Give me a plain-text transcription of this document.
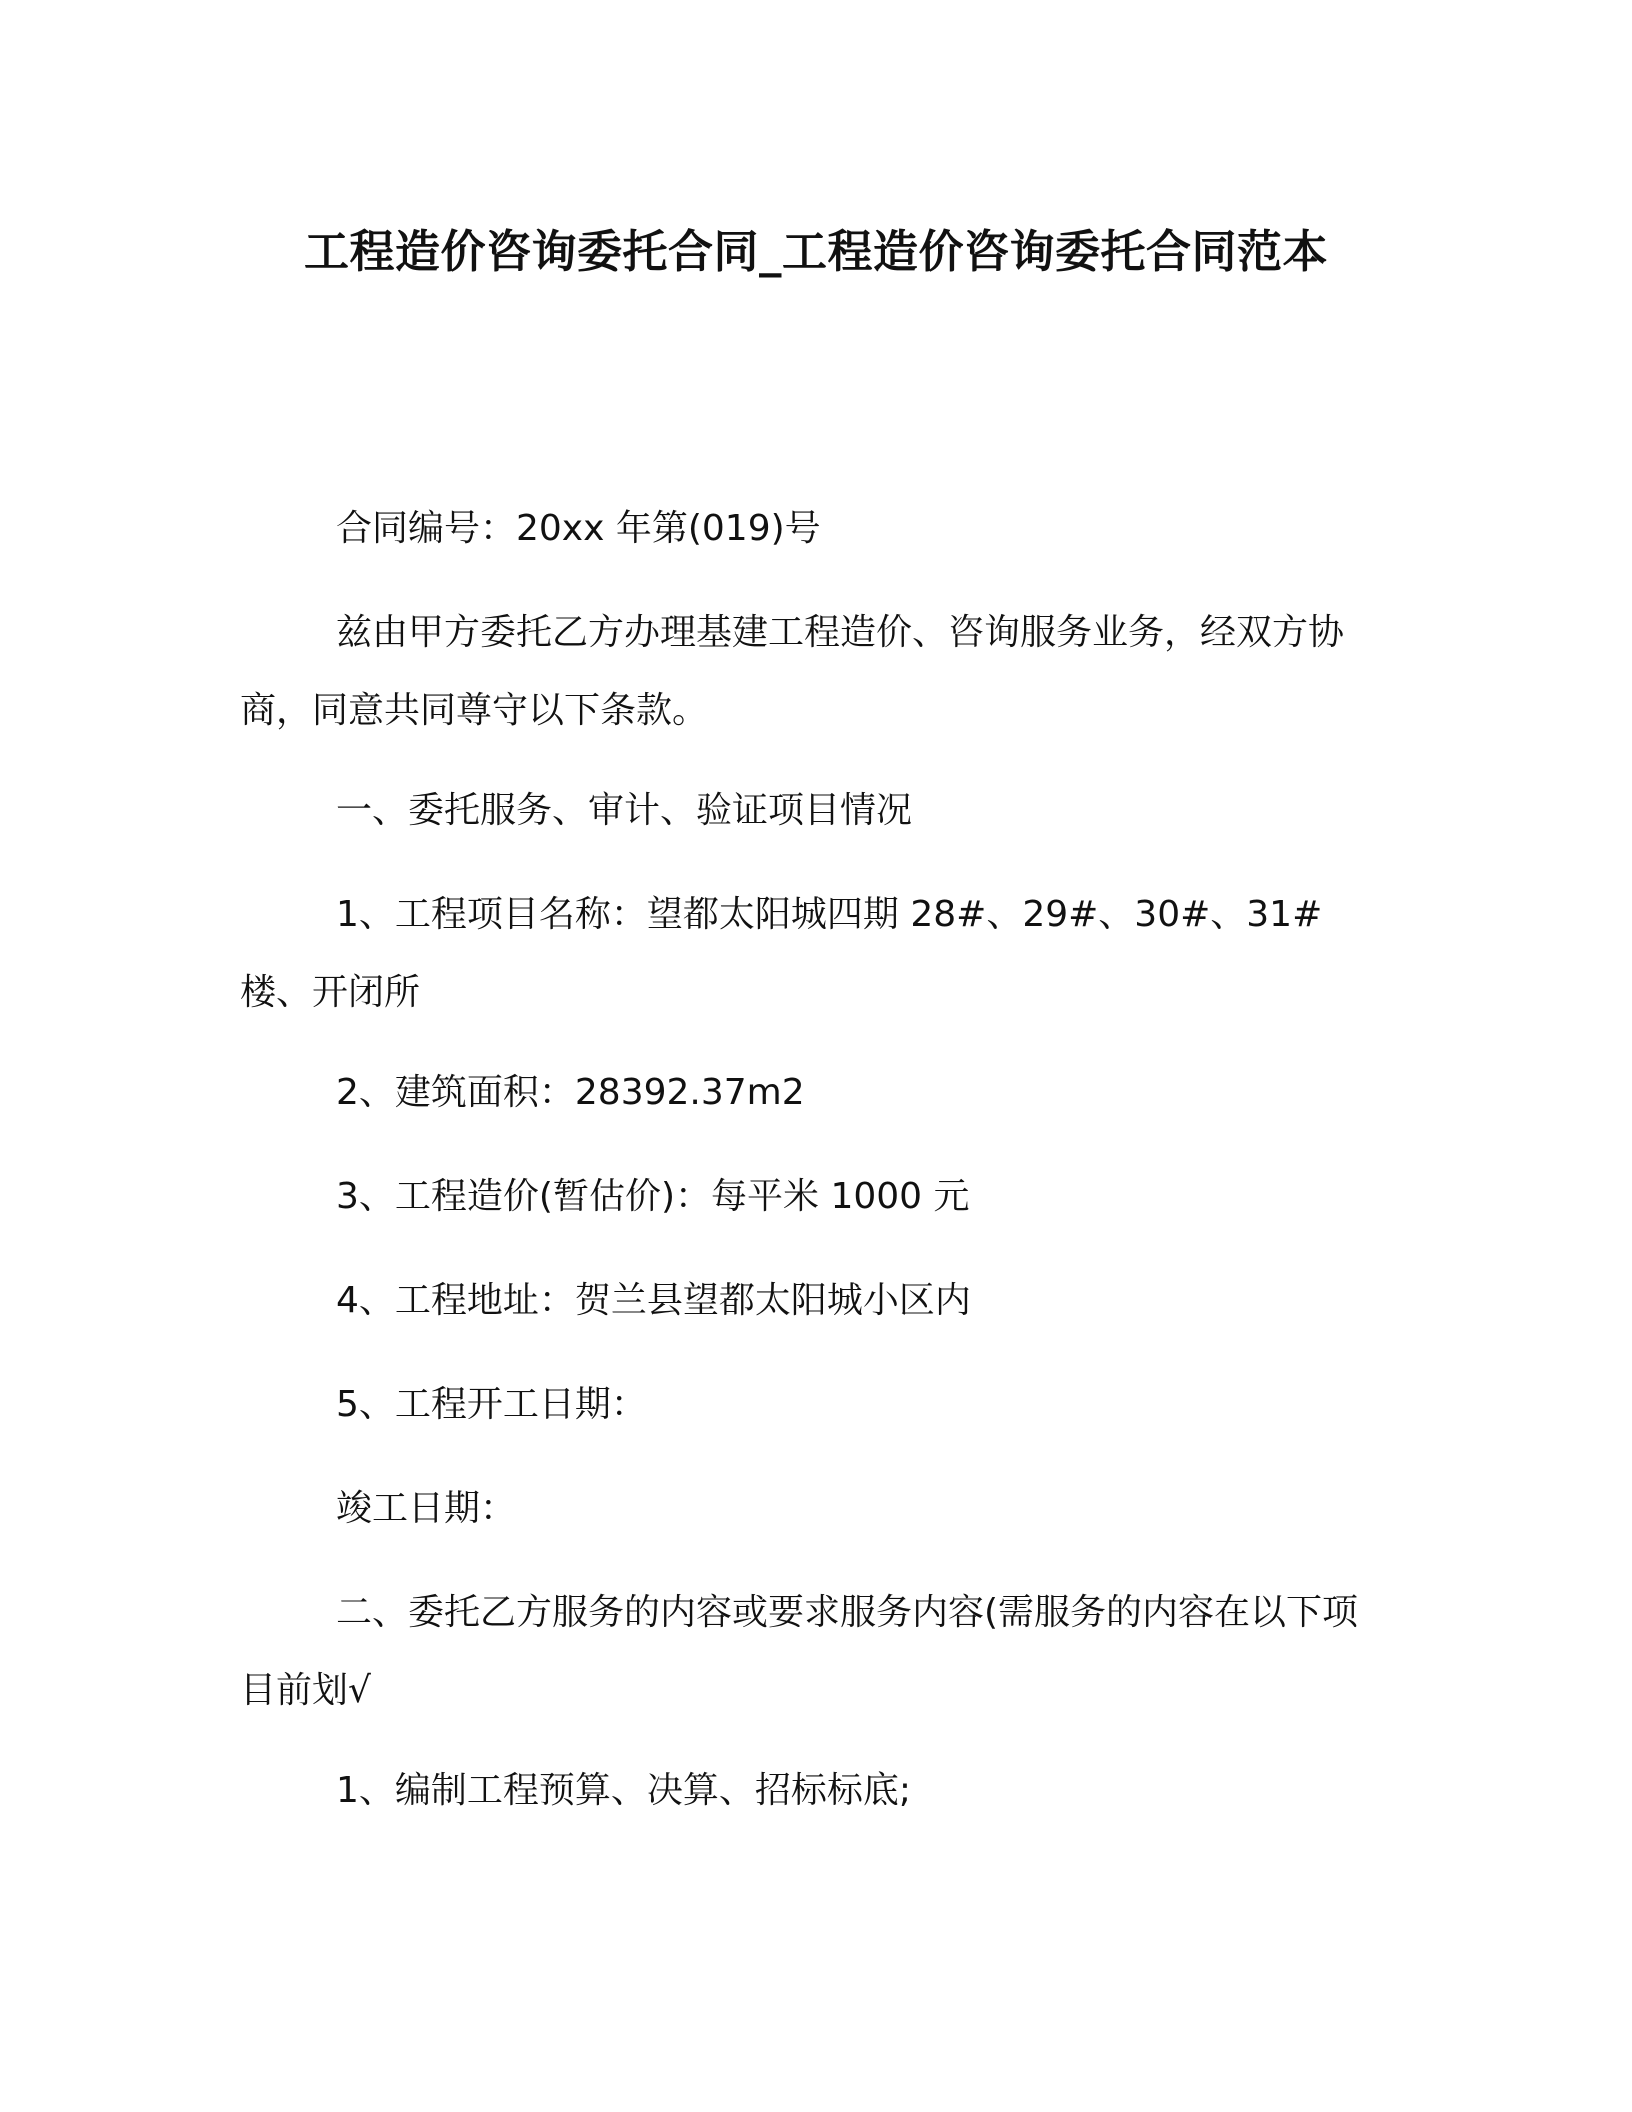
工程造价咨询委托合同_工程造价咨询委托合同范本

合同编号：20xx 年第(019)号

兹由甲方委托乙方办理基建工程造价、咨询服务业务，经双方协商，同意共同尊守以下条款。

一、委托服务、审计、验证项目情况

1、工程项目名称：望都太阳城四期 28#、29#、30#、31#楼、开闭所

2、建筑面积：28392.37m2

3、工程造价(暂估价)：每平米 1000 元

4、工程地址：贺兰县望都太阳城小区内

5、工程开工日期：

竣工日期：

二、委托乙方服务的内容或要求服务内容(需服务的内容在以下项目前划√

1、编制工程预算、决算、招标标底;
